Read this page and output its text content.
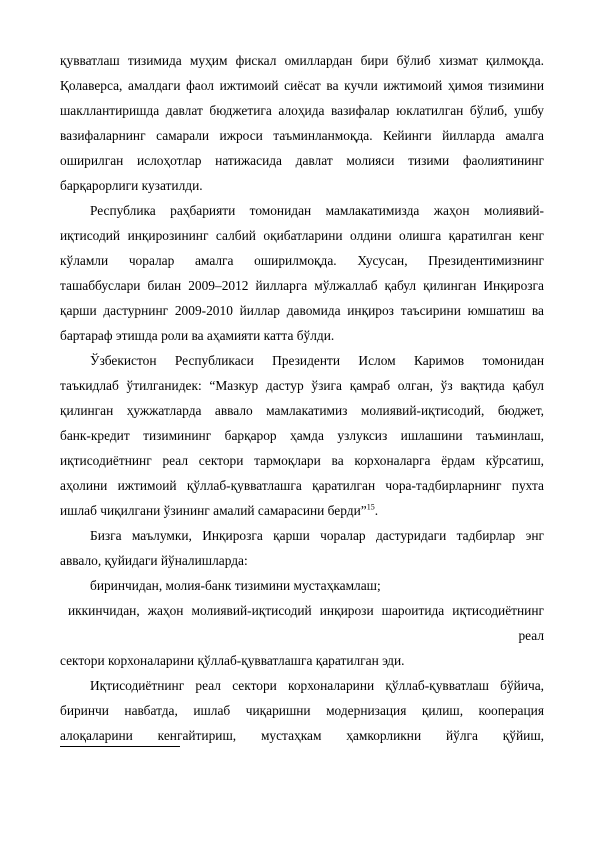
қувватлаш тизимида муҳим фискал омиллардан бири бўлиб хизмат қилмоқда.
Қолаверса, амалдаги фаол ижтимоий сиёсат ва кучли ижтимоий ҳимоя тизимини
шакллантиришда давлат бюджетига алоҳида вазифалар юклатилган бўлиб, ушбу
вазифаларнинг самарали ижроси таъминланмоқда. Кейинги йилларда амалга
оширилган ислоҳотлар натижасида давлат молияси тизими фаолиятининг
барқарорлиги кузатилди.
Республика раҳбарияти томонидан мамлакатимизда жаҳон молиявий-
иқтисодий инқирозининг салбий оқибатларини олдини олишга қаратилган кенг
кўламли чоралар амалга оширилмоқда. Хусусан, Президентимизнинг
ташаббуслари билан 2009–2012 йилларга мўлжаллаб қабул қилинган Инқирозга
қарши дастурнинг 2009-2010 йиллар давомида инқироз таъсирини юмшатиш ва
бартараф этишда роли ва аҳамияти катта бўлди.
Ўзбекистон Республикаси Президенти Ислом Каримов томонидан
таъкидлаб ўтилганидек: “Мазкур дастур ўзига қамраб олган, ўз вақтида қабул
қилинган ҳужжатларда аввало мамлакатимиз молиявий-иқтисодий, бюджет,
банк-кредит тизимининг барқарор ҳамда узлуксиз ишлашини таъминлаш,
иқтисодиётнинг реал сектори тармоқлари ва корхоналарга ёрдам кўрсатиш,
аҳолини ижтимоий қўллаб-қувватлашга қаратилган чора-тадбирларнинг пухта
ишлаб чиқилгани ўзининг амалий самарасини берди”$^{15}$.
Бизга маълумки, Инқирозга қарши чоралар дастуридаги тадбирлар энг
аввало, қуйидаги йўналишларда:
биринчидан, молия-банк тизимини мустаҳкамлаш;
иккинчидан, жаҳон молиявий-иқтисодий инқирози шароитида иқтисодиётнинг
реал
сектори корхоналарини қўллаб-қувватлашга қаратилган эди.
Иқтисодиётнинг реал сектори корхоналарини қўллаб-қувватлаш бўйича,
биринчи навбатда, ишлаб чиқаришни модернизация қилиш, кооперация
алоқаларини кенгайтириш, мустаҳкам ҳамкорликни йўлга қўйиш,
